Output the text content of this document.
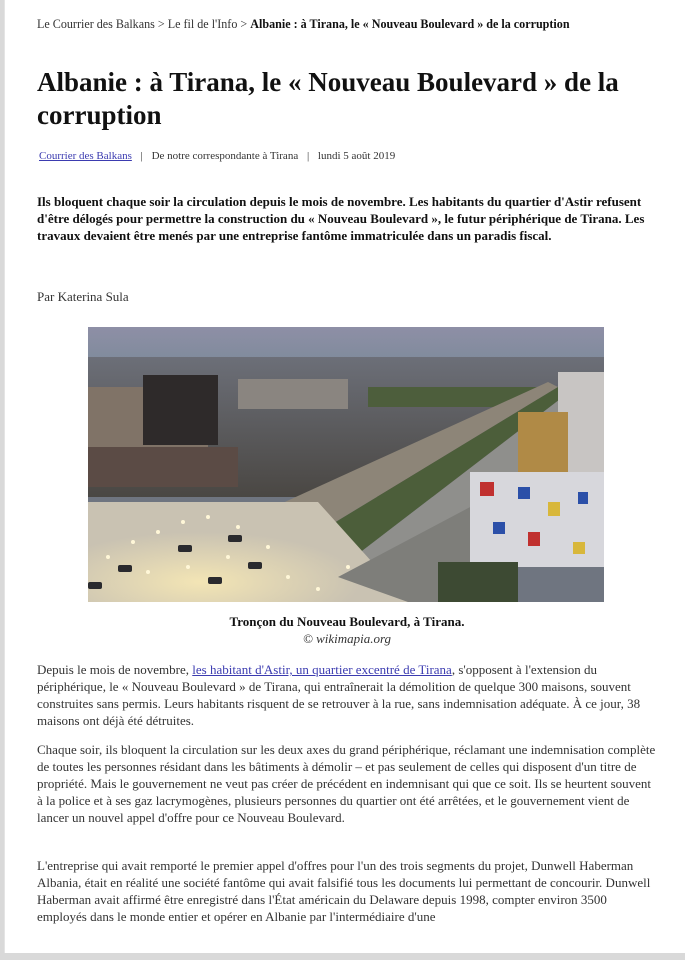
Le Courrier des Balkans > Le fil de l'Info > Albanie : à Tirana, le « Nouveau Boulevard » de la corruption
Albanie : à Tirana, le « Nouveau Boulevard » de la corruption
Courrier des Balkans | De notre correspondante à Tirana | lundi 5 août 2019

Ils bloquent chaque soir la circulation depuis le mois de novembre. Les habitants du quartier d'Astir refusent d'être délogés pour permettre la construction du « Nouveau Boulevard », le futur périphérique de Tirana. Les travaux devaient être menés par une entreprise fantôme immatriculée dans un paradis fiscal.

Par Katerina Sula
Tronçon du Nouveau Boulevard, à Tirana.
© wikimapia.org

Depuis le mois de novembre, les habitant d'Astir, un quartier excentré de Tirana, s'opposent à l'extension du périphérique, le « Nouveau Boulevard » de Tirana, qui entraînerait la démolition de quelque 300 maisons, souvent construites sans permis. Leurs habitants risquent de se retrouver à la rue, sans indemnisation adéquate. À ce jour, 38 maisons ont déjà été détruites.

Chaque soir, ils bloquent la circulation sur les deux axes du grand périphérique, réclamant une indemnisation complète de toutes les personnes résidant dans les bâtiments à démolir – et pas seulement de celles qui disposent d'un titre de propriété. Mais le gouvernement ne veut pas créer de précédent en indemnisant qui que ce soit. Ils se heurtent souvent à la police et à ses gaz lacrymogènes, plusieurs personnes du quartier ont été arrêtées, et le gouvernement vient de lancer un nouvel appel d'offre pour ce Nouveau Boulevard.

L'entreprise qui avait remporté le premier appel d'offres pour l'un des trois segments du projet, Dunwell Haberman Albania, était en réalité une société fantôme qui avait falsifié tous les documents lui permettant de concourir. Dunwell Haberman avait affirmé être enregistré dans l'État américain du Delaware depuis 1998, compter environ 3500 employés dans le monde entier et opérer en Albanie par l'intermédiaire d'une
